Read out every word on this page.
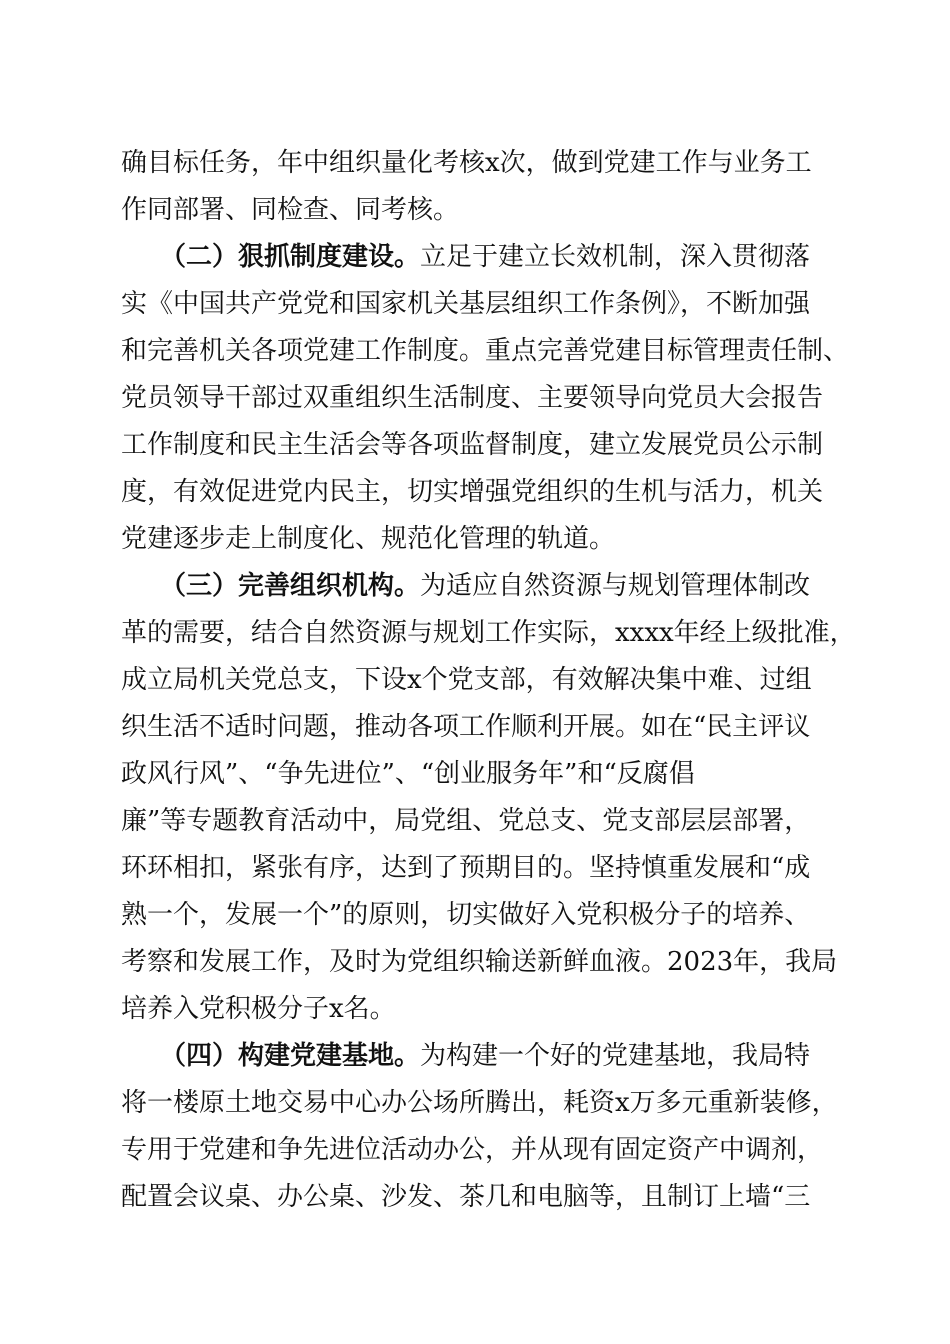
确目标任务，年中组织量化考核x次，做到党建工作与业务工
作同部署、同检查、同考核。
（二）狠抓制度建设。立足于建立长效机制，深入贯彻落
实《中国共产党党和国家机关基层组织工作条例》，不断加强
和完善机关各项党建工作制度。重点完善党建目标管理责任制、
党员领导干部过双重组织生活制度、主要领导向党员大会报告
工作制度和民主生活会等各项监督制度，建立发展党员公示制
度，有效促进党内民主，切实增强党组织的生机与活力，机关
党建逐步走上制度化、规范化管理的轨道。
（三）完善组织机构。为适应自然资源与规划管理体制改
革的需要，结合自然资源与规划工作实际，xxxx年经上级批准，
成立局机关党总支，下设x个党支部，有效解决集中难、过组
织生活不适时问题，推动各项工作顺利开展。如在“民主评议
政风行风”、“争先进位”、“创业服务年”和“反腐倡
廉”等专题教育活动中，局党组、党总支、党支部层层部署，
环环相扣，紧张有序，达到了预期目的。坚持慎重发展和“成
熟一个，发展一个”的原则，切实做好入党积极分子的培养、
考察和发展工作，及时为党组织输送新鲜血液。2023年，我局
培养入党积极分子x名。
（四）构建党建基地。为构建一个好的党建基地，我局特
将一楼原土地交易中心办公场所腾出，耗资x万多元重新装修，
专用于党建和争先进位活动办公，并从现有固定资产中调剂，
配置会议桌、办公桌、沙发、茶几和电脑等，且制订上墙“三
